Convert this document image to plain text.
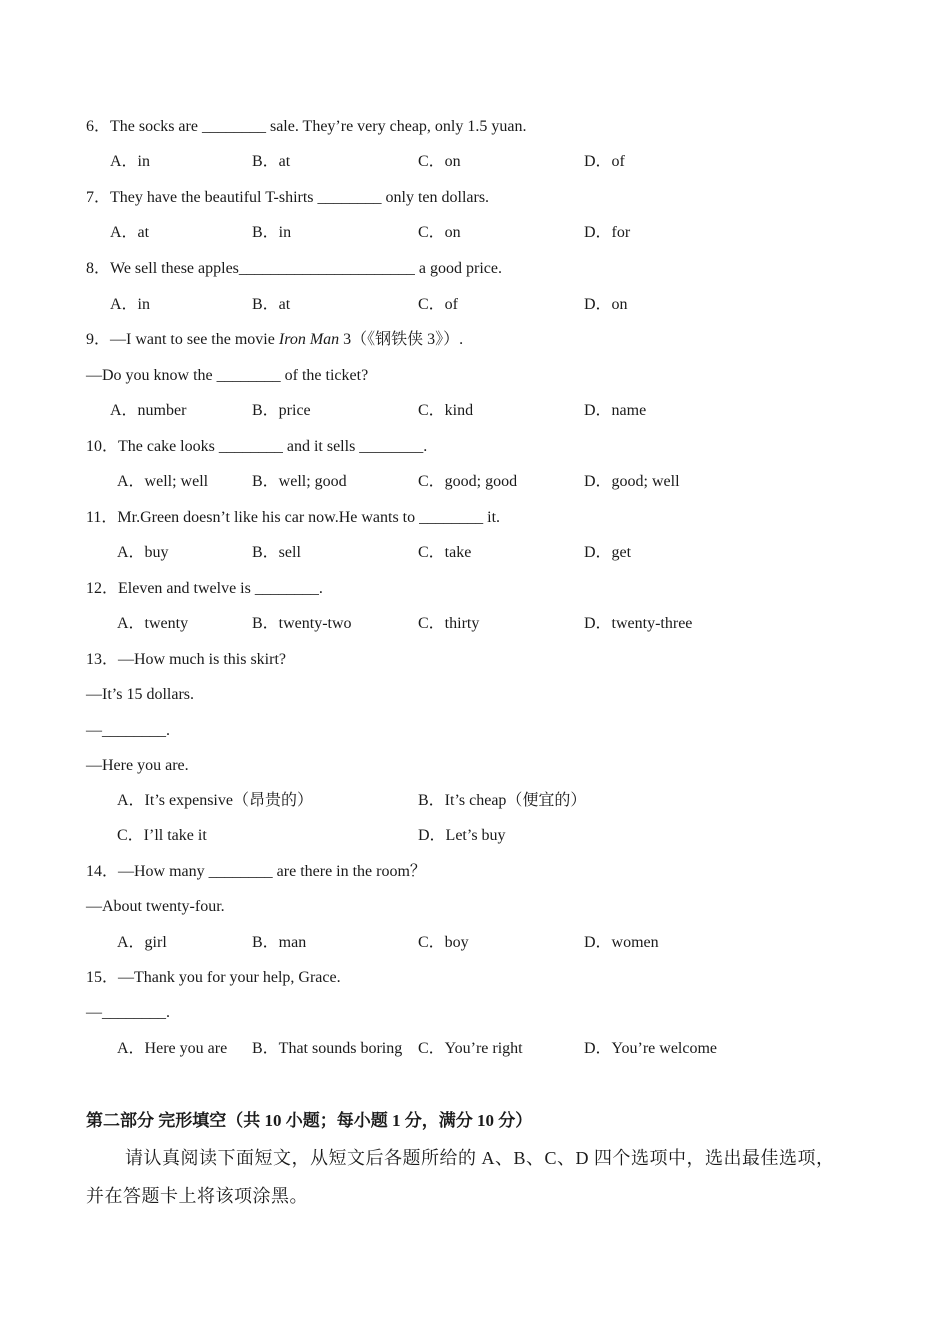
6．The socks are ________ sale. They’re very cheap, only 1.5 yuan.
A．in	B．at	C．on	D．of
7．They have the beautiful T-shirts ________ only ten dollars.
A．at	B．in	C．on	D．for
8．We sell these apples______________________ a good price.
A．in	B．at	C．of	D．on
9．—I want to see the movie Iron Man 3（《钢铁侠 3》）.
—Do you know the ________ of the ticket?
A．number	B．price	C．kind	D．name
10．The cake looks ________ and it sells ________.
A．well; well	B．well; good	C．good; good	D．good; well
11．Mr.Green doesn’t like his car now.He wants to ________ it.
A．buy	B．sell	C．take	D．get
12．Eleven and twelve is ________.
A．twenty	B．twenty-two	C．thirty	D．twenty-three
13．—How much is this skirt?
—It’s 15 dollars.
—________.
—Here you are.
A．It’s expensive（昂贵的）	B．It’s cheap（便宜的）
C．I’ll take it	D．Let’s buy
14．—How many ________ are there in the room？
—About twenty-four.
A．girl	B．man	C．boy	D．women
15．—Thank you for your help, Grace.
—________.
A．Here you are B．That sounds boring C．You’re right	D．You’re welcome
第二部分 完形填空（共 10 小题；每小题 1 分，满分 10 分）
请认真阅读下面短文，从短文后各题所给的 A、B、C、D 四个选项中，选出最佳选项，
并在答题卡上将该项涂黑。
